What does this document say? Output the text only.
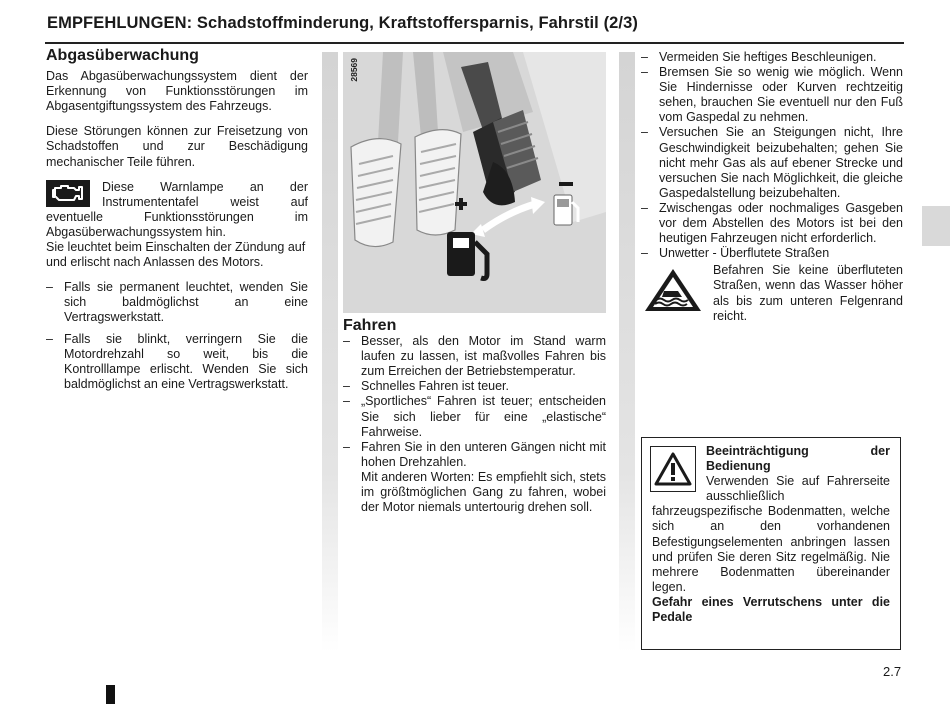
EMPFEHLUNGEN: Schadstoffminderung, Kraftstoffersparnis, Fahrstil (2/3)
Abgasüberwachung

Das Abgasüberwachungssystem dient der Erkennung von Funktionsstörungen im Abgasentgiftungssystem des Fahrzeugs.

Diese Störungen können zur Freisetzung von Schadstoffen und zur Beschädigung mechanischer Teile führen.

Diese Warnlampe an der Instrumententafel weist auf eventuelle Funktionsstörungen im Abgasüberwachungssystem hin.

Sie leuchtet beim Einschalten der Zündung auf und erlischt nach Anlassen des Motors.

– Falls sie permanent leuchtet, wenden Sie sich baldmöglichst an eine Vertragswerkstatt.
– Falls sie blinkt, verringern Sie die Motordrehzahl so weit, bis die Kontrolllampe erlischt. Wenden Sie sich baldmöglichst an eine Vertragswerkstatt.
28569
Fahren
– Besser, als den Motor im Stand warm laufen zu lassen, ist maßvolles Fahren bis zum Erreichen der Betriebstemperatur.
– Schnelles Fahren ist teuer.
– „Sportliches“ Fahren ist teuer; entscheiden Sie sich lieber für eine „elastische“ Fahrweise.
– Fahren Sie in den unteren Gängen nicht mit hohen Drehzahlen.
Mit anderen Worten: Es empfiehlt sich, stets im größtmöglichen Gang zu fahren, wobei der Motor niemals untertourig drehen soll.
– Vermeiden Sie heftiges Beschleunigen.
– Bremsen Sie so wenig wie möglich. Wenn Sie Hindernisse oder Kurven rechtzeitig sehen, brauchen Sie eventuell nur den Fuß vom Gaspedal zu nehmen.
– Versuchen Sie an Steigungen nicht, Ihre Geschwindigkeit beizubehalten; gehen Sie nicht mehr Gas als auf ebener Strecke und versuchen Sie nach Möglichkeit, die gleiche Gaspedalstellung beizubehalten.
– Zwischengas oder nochmaliges Gasgeben vor dem Abstellen des Motors ist bei den heutigen Fahrzeugen nicht erforderlich.
– Unwetter - Überflutete Straßen

Befahren Sie keine überfluteten Straßen, wenn das Wasser höher als bis zum unteren Felgenrand reicht.

Beeinträchtigung der Bedienung

Verwenden Sie auf Fahrerseite ausschließlich fahrzeugspezifische Bodenmatten, welche sich an den vorhandenen Befestigungselementen anbringen lassen und prüfen Sie deren Sitz regelmäßig. Nie mehrere Bodenmatten übereinander legen.

Gefahr eines Verrutschens unter die Pedale

2.7
